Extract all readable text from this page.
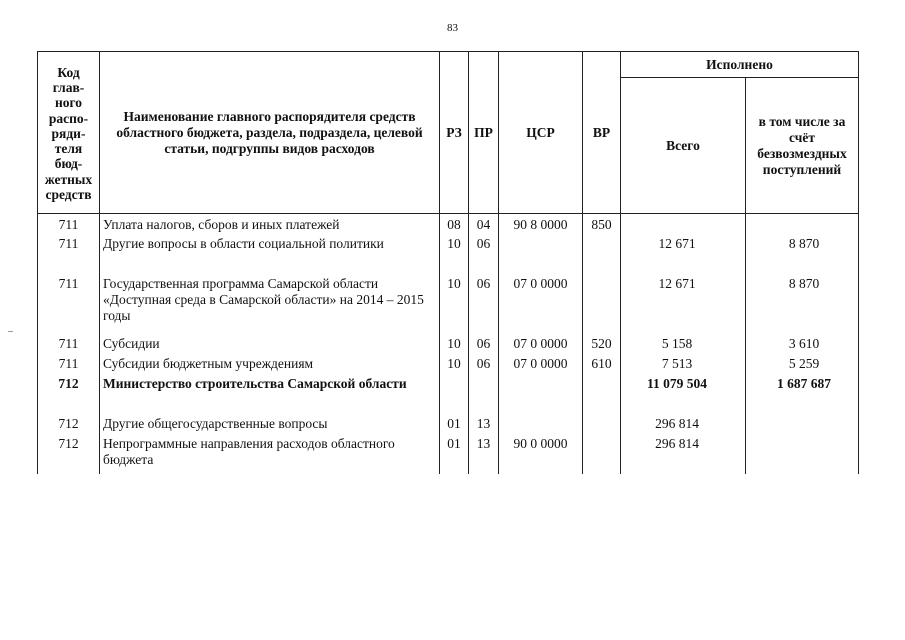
83
Код глав-ного распо-ряди-теля бюд-жетных средств	Наименование главного распорядителя средств областного бюджета, раздела, подраздела, целевой статьи, подгруппы видов расходов	РЗ	ПР	ЦСР	ВР	Исполнено	
						Всего	в том числе за счёт безвозмездных поступлений
711	Уплата налогов, сборов и иных платежей	08	04	90 8 0000	850		
711	Другие вопросы в области социальной политики	10	06			12 671	8 870
711	Государственная программа Самарской области «Доступная среда в Самарской области» на 2014 – 2015 годы	10	06	07 0 0000		12 671	8 870
711	Субсидии	10	06	07 0 0000	520	5 158	3 610
711	Субсидии бюджетным учреждениям	10	06	07 0 0000	610	7 513	5 259
712	Министерство строительства Самарской области					11 079 504	1 687 687
712	Другие общегосударственные вопросы	01	13			296 814	
712	Непрограммные направления расходов областного бюджета	01	13	90 0 0000		296 814	
